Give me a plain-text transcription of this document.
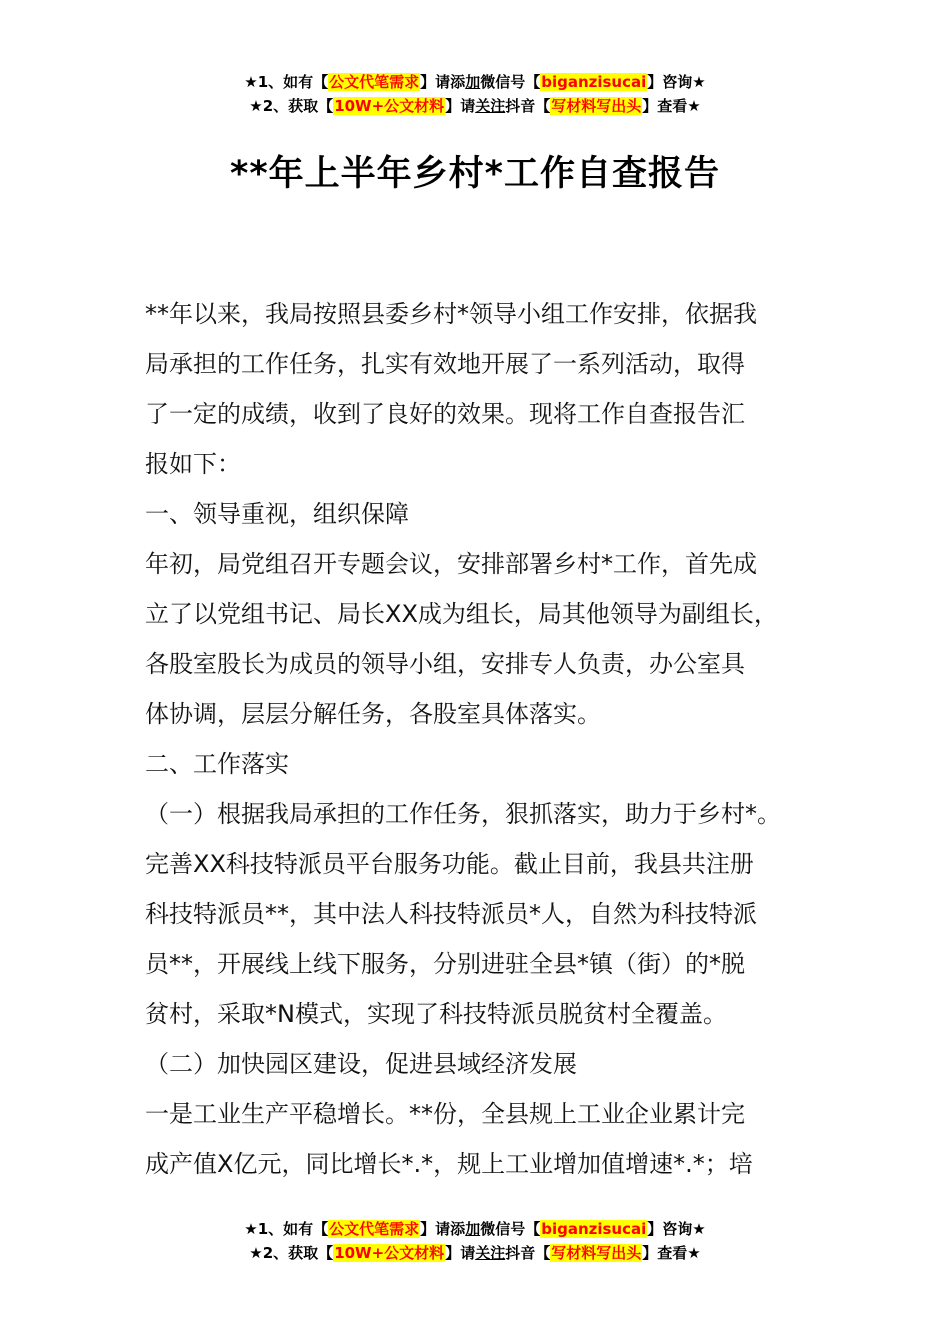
★1、如有【公文代笔需求】请添加微信号【biganzisucai】咨询★
★2、获取【10W+公文材料】请关注抖音【写材料写出头】查看★
**年上半年乡村*工作自查报告

**年以来，我局按照县委乡村*领导小组工作安排，依据我

局承担的工作任务，扎实有效地开展了一系列活动，取得

了一定的成绩，收到了良好的效果。现将工作自查报告汇

报如下：

一、领导重视，组织保障

年初，局党组召开专题会议，安排部署乡村*工作，首先成

立了以党组书记、局长XX成为组长，局其他领导为副组长，

各股室股长为成员的领导小组，安排专人负责，办公室具

体协调，层层分解任务，各股室具体落实。

二、工作落实

（一）根据我局承担的工作任务，狠抓落实，助力于乡村*。

完善XX科技特派员平台服务功能。截止目前，我县共注册

科技特派员**，其中法人科技特派员*人，自然为科技特派

员**，开展线上线下服务，分别进驻全县*镇（街）的*脱

贫村，采取*N模式，实现了科技特派员脱贫村全覆盖。

（二）加快园区建设，促进县域经济发展

一是工业生产平稳增长。**份，全县规上工业企业累计完

成产值X亿元，同比增长*.*，规上工业增加值增速*.*；培

★1、如有【公文代笔需求】请添加微信号【biganzisucai】咨询★
★2、获取【10W+公文材料】请关注抖音【写材料写出头】查看★
